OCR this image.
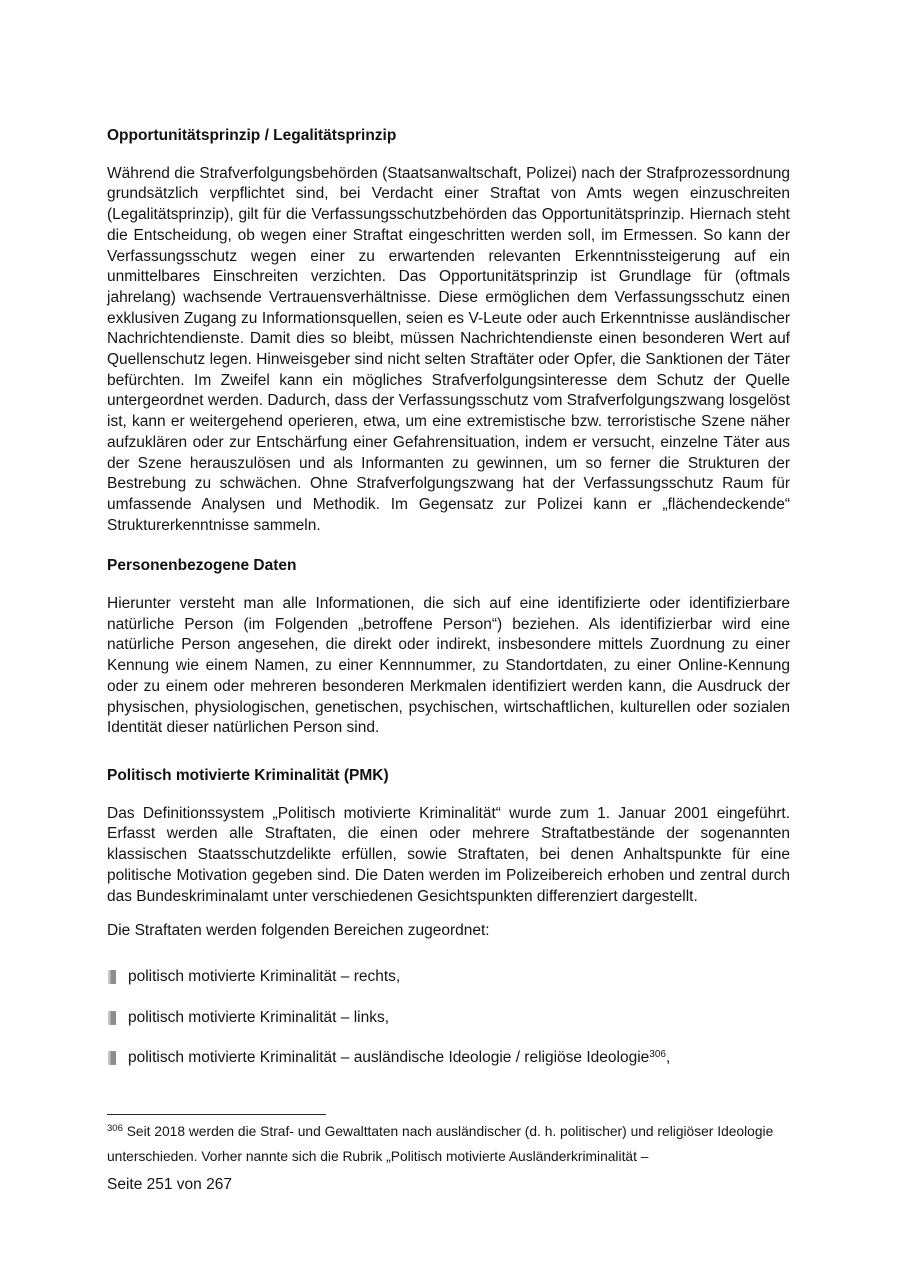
Opportunitätsprinzip / Legalitätsprinzip

Während die Strafverfolgungsbehörden (Staatsanwaltschaft, Polizei) nach der Strafprozessordnung grundsätzlich verpflichtet sind, bei Verdacht einer Straftat von Amts wegen einzuschreiten (Legalitätsprinzip), gilt für die Verfassungsschutzbehörden das Opportunitätsprinzip. Hiernach steht die Entscheidung, ob wegen einer Straftat eingeschritten werden soll, im Ermessen. So kann der Verfassungsschutz wegen einer zu erwartenden relevanten Erkenntnissteigerung auf ein unmittelbares Einschreiten verzichten. Das Opportunitätsprinzip ist Grundlage für (oftmals jahrelang) wachsende Vertrauensverhältnisse. Diese ermöglichen dem Verfassungsschutz einen exklusiven Zugang zu Informationsquellen, seien es V-Leute oder auch Erkenntnisse ausländischer Nachrichtendienste. Damit dies so bleibt, müssen Nachrichtendienste einen besonderen Wert auf Quellenschutz legen. Hinweisgeber sind nicht selten Straftäter oder Opfer, die Sanktionen der Täter befürchten. Im Zweifel kann ein mögliches Strafverfolgungsinteresse dem Schutz der Quelle untergeordnet werden. Dadurch, dass der Verfassungsschutz vom Strafverfolgungszwang losgelöst ist, kann er weitergehend operieren, etwa, um eine extremistische bzw. terroristische Szene näher aufzuklären oder zur Entschärfung einer Gefahrensituation, indem er versucht, einzelne Täter aus der Szene herauszulösen und als Informanten zu gewinnen, um so ferner die Strukturen der Bestrebung zu schwächen. Ohne Strafverfolgungszwang hat der Verfassungsschutz Raum für umfassende Analysen und Methodik. Im Gegensatz zur Polizei kann er „flächendeckende“ Strukturerkenntnisse sammeln.

Personenbezogene Daten

Hierunter versteht man alle Informationen, die sich auf eine identifizierte oder identifizierbare natürliche Person (im Folgenden „betroffene Person“) beziehen. Als identifizierbar wird eine natürliche Person angesehen, die direkt oder indirekt, insbesondere mittels Zuordnung zu einer Kennung wie einem Namen, zu einer Kennnummer, zu Standortdaten, zu einer Online-Kennung oder zu einem oder mehreren besonderen Merkmalen identifiziert werden kann, die Ausdruck der physischen, physiologischen, genetischen, psychischen, wirtschaftlichen, kulturellen oder sozialen Identität dieser natürlichen Person sind.

Politisch motivierte Kriminalität (PMK)

Das Definitionssystem „Politisch motivierte Kriminalität“ wurde zum 1. Januar 2001 eingeführt. Erfasst werden alle Straftaten, die einen oder mehrere Straftatbestände der sogenannten klassischen Staatsschutzdelikte erfüllen, sowie Straftaten, bei denen Anhaltspunkte für eine politische Motivation gegeben sind. Die Daten werden im Polizeibereich erhoben und zentral durch das Bundeskriminalamt unter verschiedenen Gesichtspunkten differenziert dargestellt.

Die Straftaten werden folgenden Bereichen zugeordnet:

politisch motivierte Kriminalität – rechts,
politisch motivierte Kriminalität – links,
politisch motivierte Kriminalität – ausländische Ideologie / religiöse Ideologie$^{306}$,
$^{306}$ Seit 2018 werden die Straf- und Gewalttaten nach ausländischer (d. h. politischer) und religiöser Ideologie unterschieden. Vorher nannte sich die Rubrik „Politisch motivierte Ausländerkriminalität –
Seite 251 von 267
